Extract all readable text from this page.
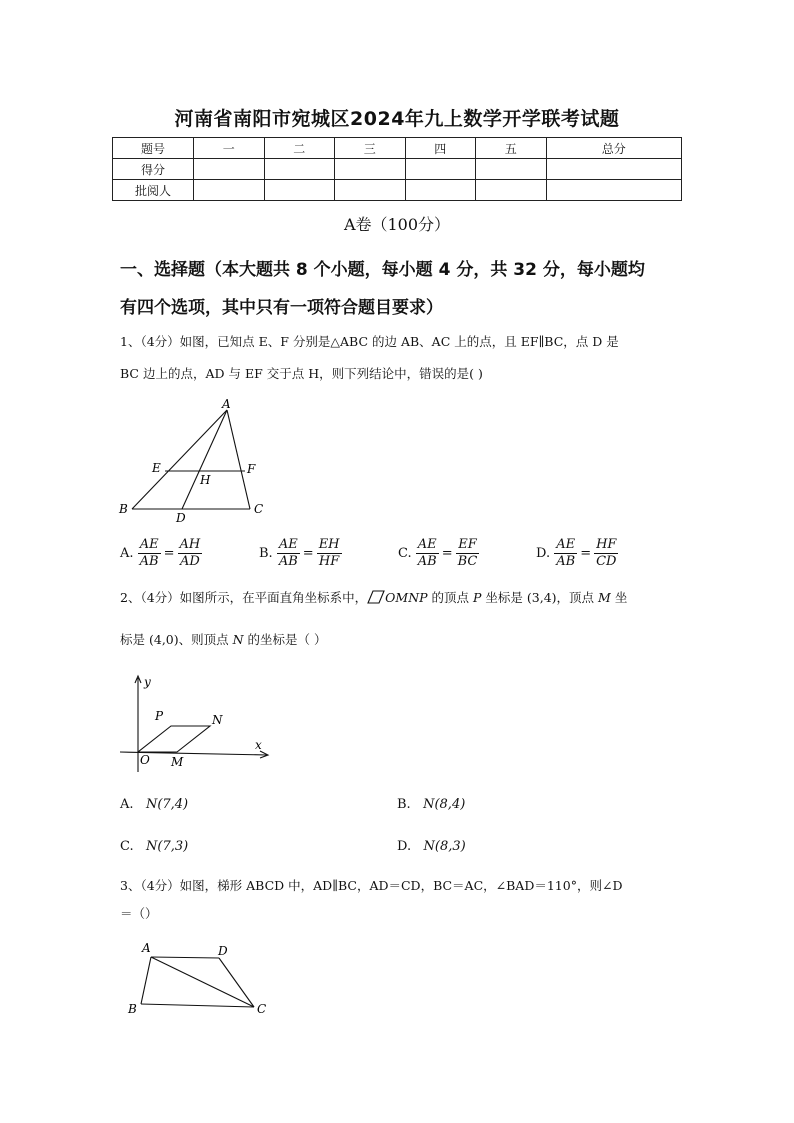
河南省南阳市宛城区2024年九上数学开学联考试题
题号	一	二	三	四	五	总分
得分						
批阅人						
A卷（100分）
一、选择题（本大题共 8 个小题，每小题 4 分，共 32 分，每小题均
有四个选项，其中只有一项符合题目要求）
1、（4分）如图，已知点 E、F 分别是△ABC 的边 AB、AC 上的点，且 EF∥BC，点 D 是
BC 边上的点，AD 与 EF 交于点 H，则下列结论中，错误的是( )
A
E	F
H
B
D
C
A. $\frac{AE}{AB} = \frac{AH}{AD}$	B. $\frac{AE}{AB} = \frac{EH}{HF}$	C. $\frac{AE}{AB} = \frac{EF}{BC}$	D. $\frac{AE}{AB} = \frac{HF}{CD}$
2、（4分）如图所示，在平面直角坐标系中， OMNP 的顶点 P 坐标是 (3,4)，顶点 M 坐
标是 (4,0)、则顶点 N 的坐标是（ ）
y
x
O
P	N
M
A. N(7,4)	B. N(8,4)
C. N(7,3)	D. N(8,3)
3、（4分）如图，梯形 ABCD 中，AD∥BC，AD＝CD，BC＝AC，∠BAD＝110°，则∠D
＝（）
A	D
B	C
